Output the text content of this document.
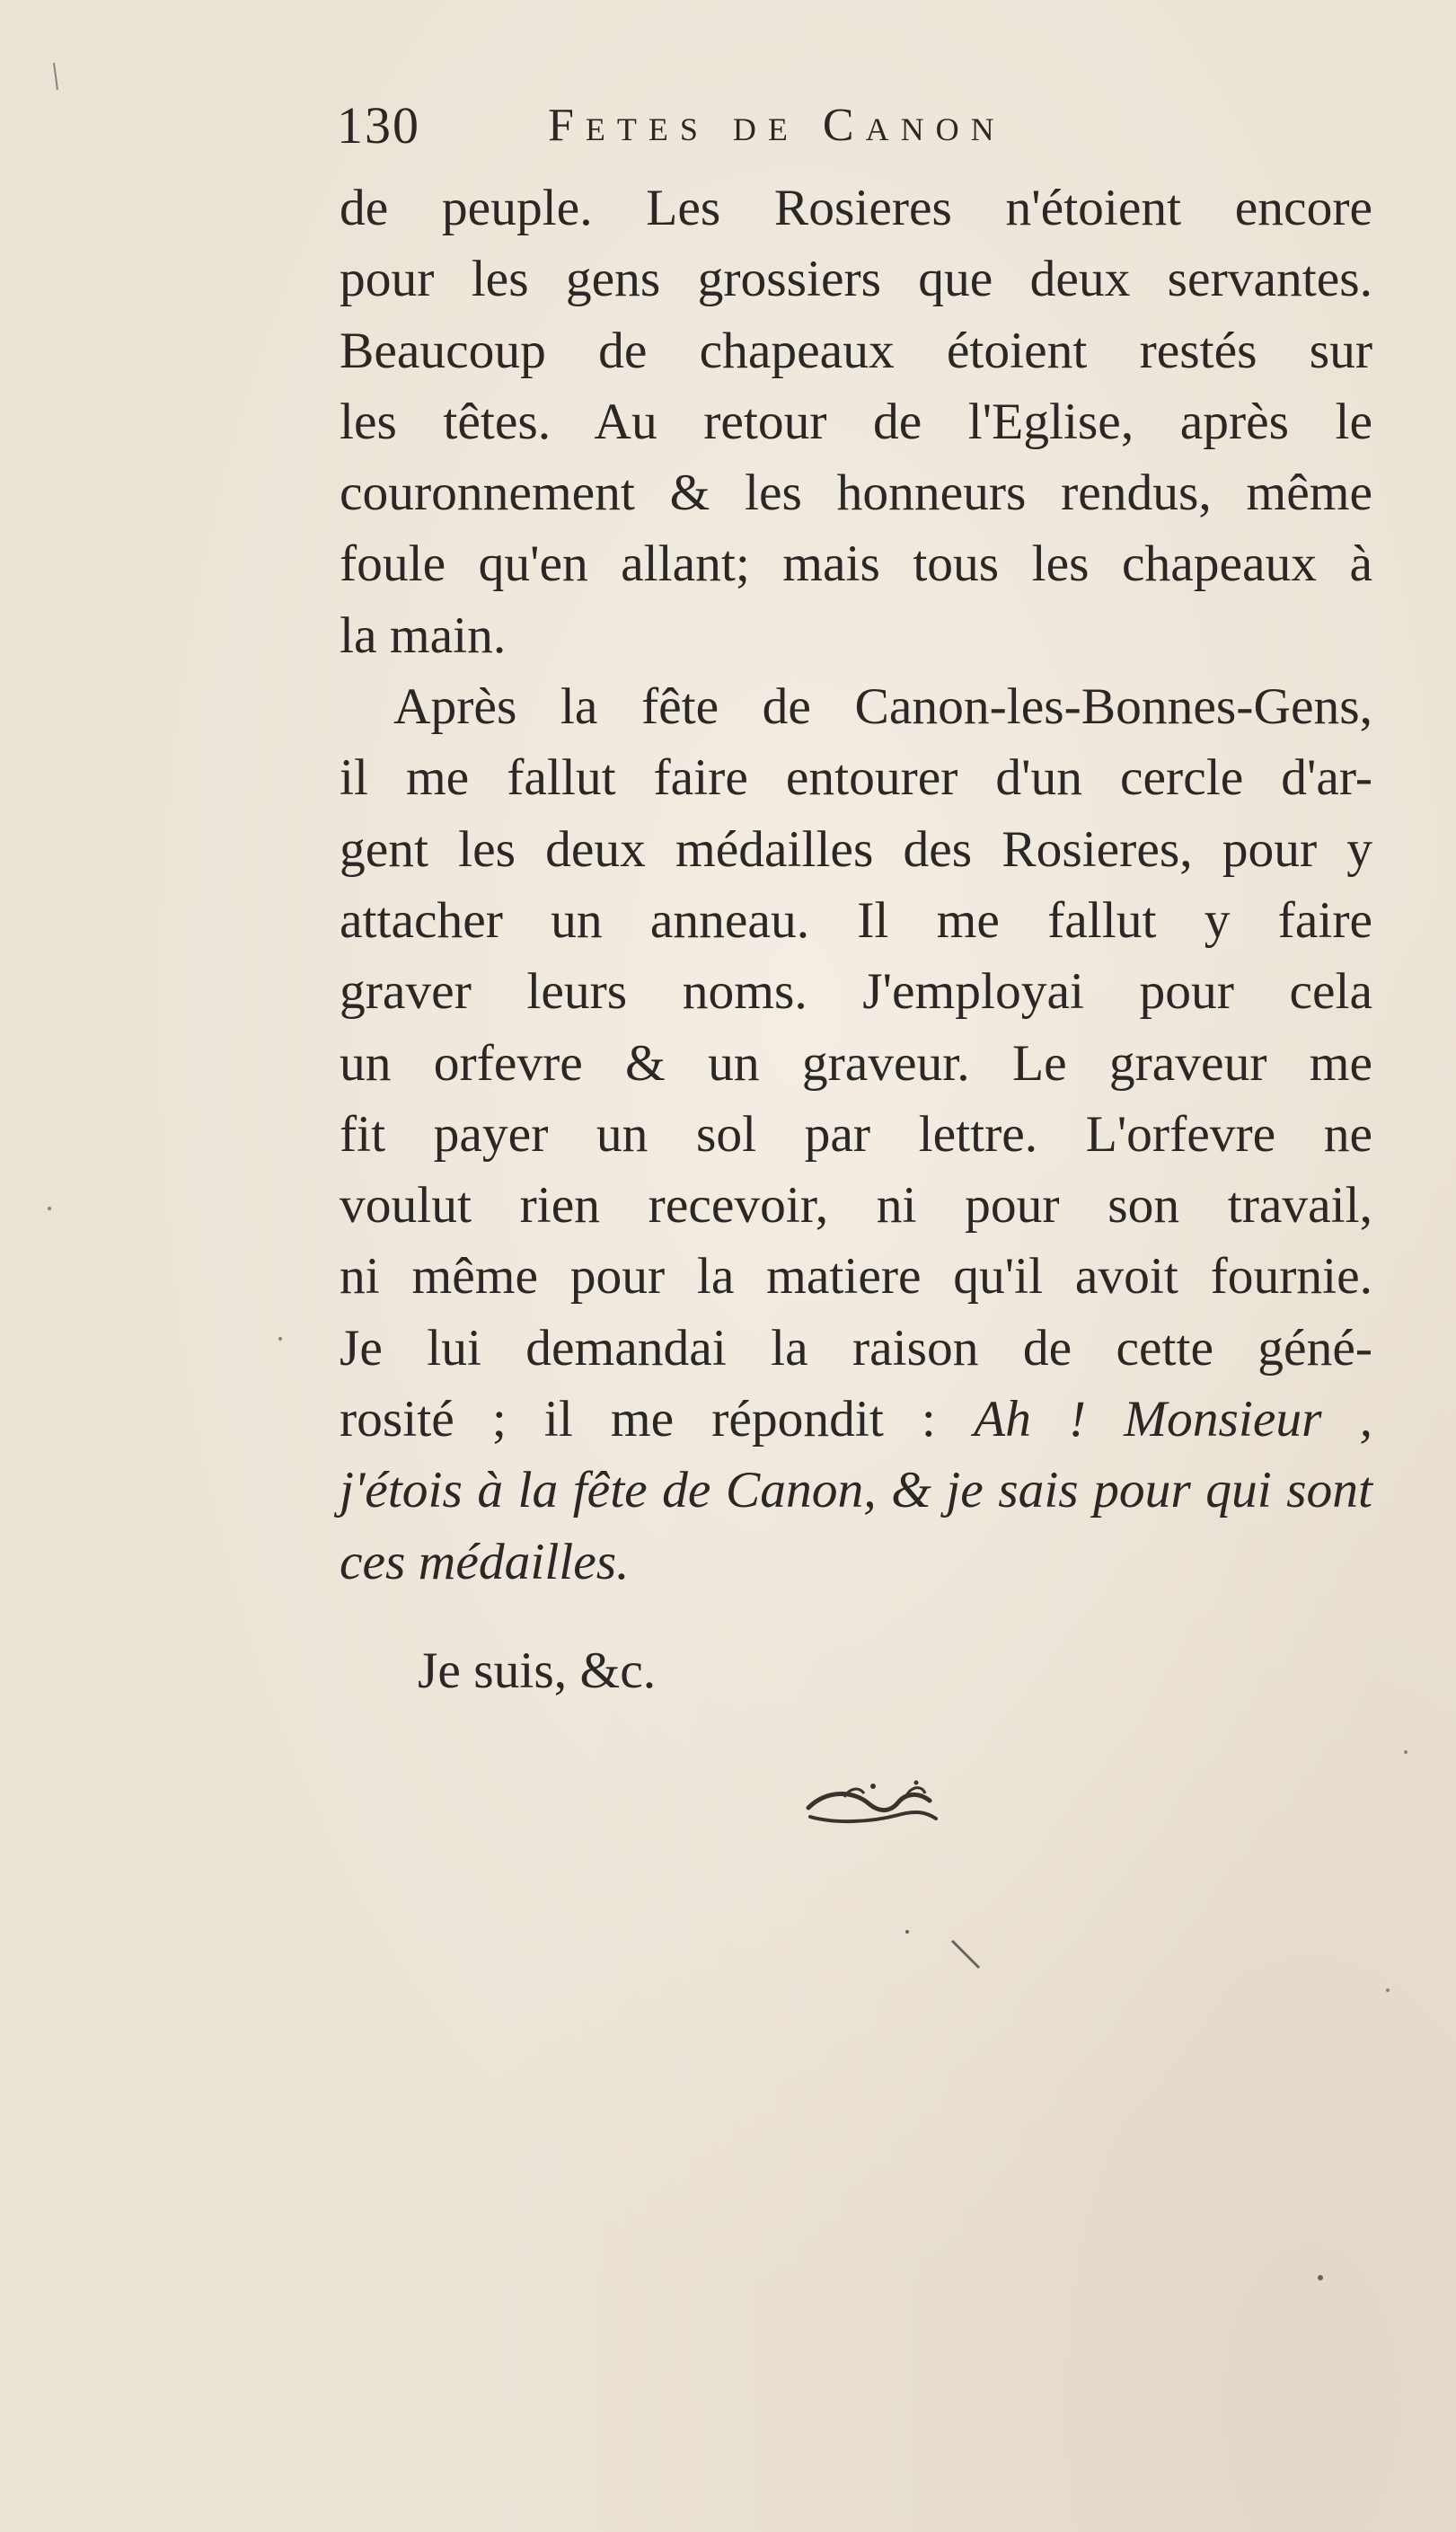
130	Fetes de Canon
de peuple. Les Rosieres n'étoient encore
pour les gens grossiers que deux servantes.
Beaucoup de chapeaux étoient restés sur
les têtes. Au retour de l'Eglise, après le
couronnement & les honneurs rendus, même
foule qu'en allant; mais tous les chapeaux à
la main.
Après la fête de Canon-les-Bonnes-Gens,
il me fallut faire entourer d'un cercle d'ar-
gent les deux médailles des Rosieres, pour y
attacher un anneau. Il me fallut y faire
graver leurs noms. J'employai pour cela
un orfevre & un graveur. Le graveur me
fit payer un sol par lettre. L'orfevre ne
voulut rien recevoir, ni pour son travail,
ni même pour la matiere qu'il avoit fournie.
Je lui demandai la raison de cette géné-
rosité ; il me répondit : Ah ! Monsieur ,
j'étois à la fête de Canon, & je sais pour qui sont
ces médailles.
Je suis, &c.
